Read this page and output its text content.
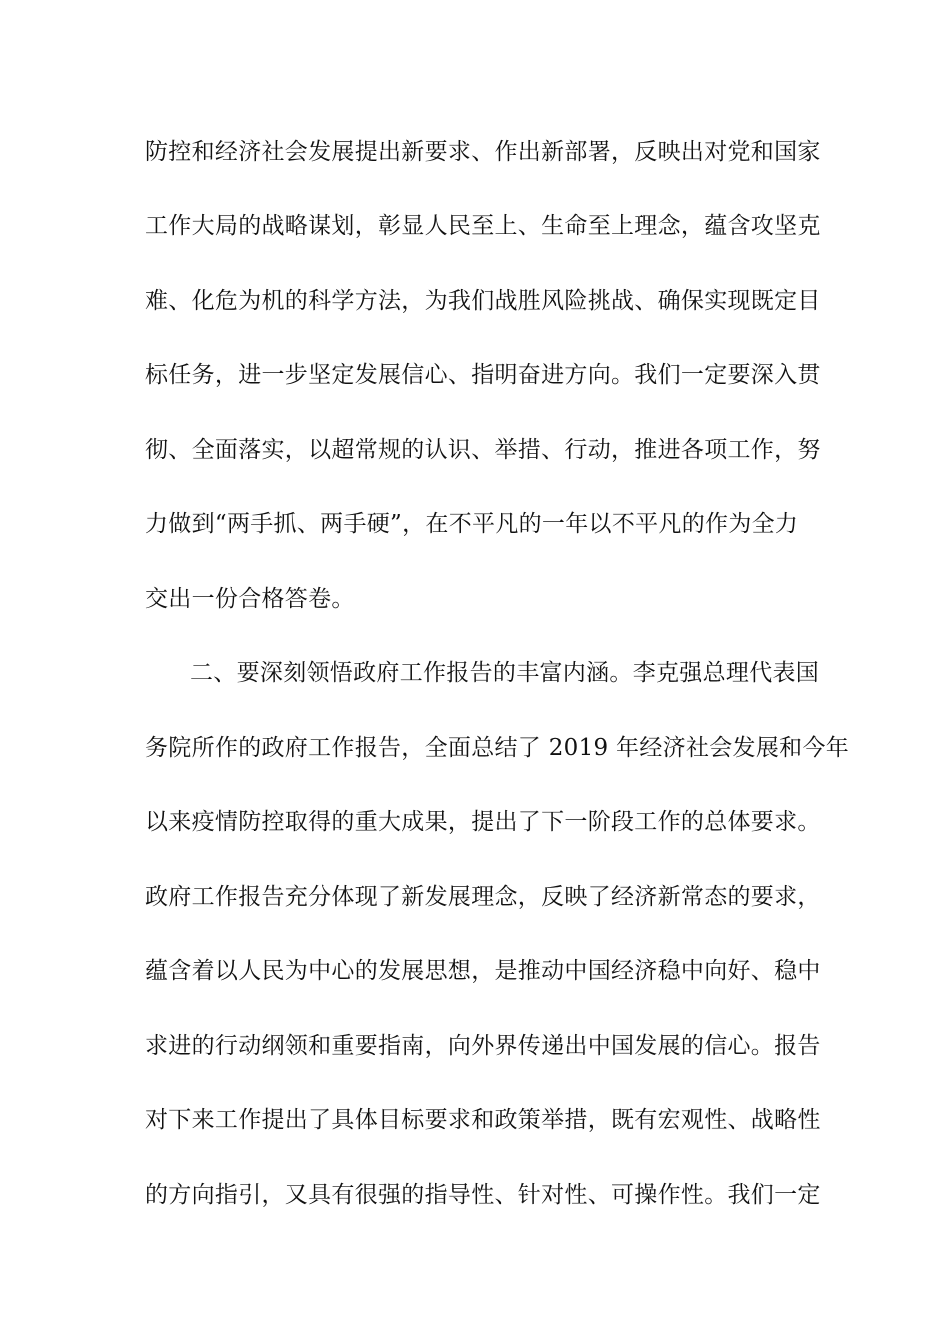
防控和经济社会发展提出新要求、作出新部署，反映出对党和国家
工作大局的战略谋划，彰显人民至上、生命至上理念，蕴含攻坚克
难、化危为机的科学方法，为我们战胜风险挑战、确保实现既定目
标任务，进一步坚定发展信心、指明奋进方向。我们一定要深入贯
彻、全面落实，以超常规的认识、举措、行动，推进各项工作，努
力做到“两手抓、两手硬”，在不平凡的一年以不平凡的作为全力
交出一份合格答卷。
二、要深刻领悟政府工作报告的丰富内涵。李克强总理代表国
务院所作的政府工作报告，全面总结了 2019 年经济社会发展和今年
以来疫情防控取得的重大成果，提出了下一阶段工作的总体要求。
政府工作报告充分体现了新发展理念，反映了经济新常态的要求，
蕴含着以人民为中心的发展思想，是推动中国经济稳中向好、稳中
求进的行动纲领和重要指南，向外界传递出中国发展的信心。报告
对下来工作提出了具体目标要求和政策举措，既有宏观性、战略性
的方向指引，又具有很强的指导性、针对性、可操作性。我们一定
